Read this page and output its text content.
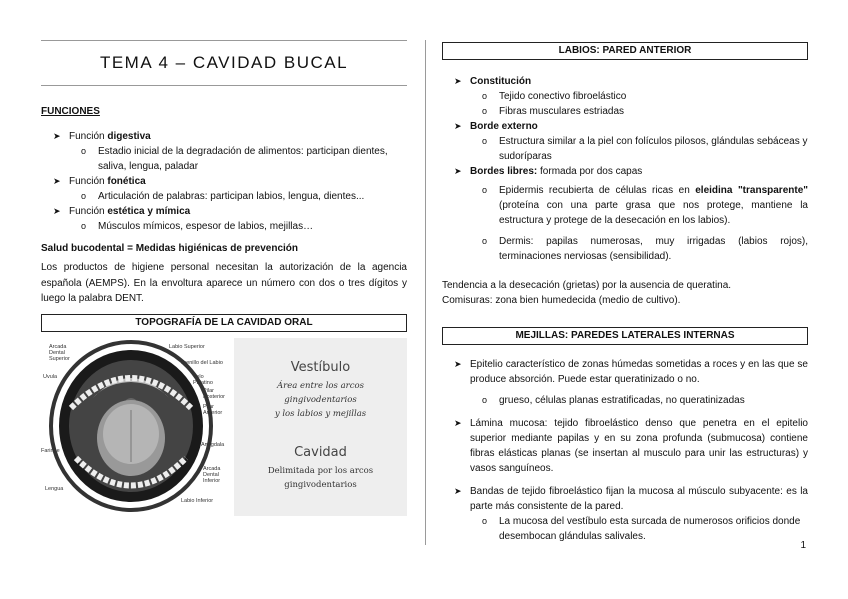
TEMA 4 – CAVIDAD BUCAL
FUNCIONES
➤ Función digestiva
o Estadio inicial de la degradación de alimentos: participan dientes, saliva, lengua, paladar
➤ Función fonética
o Articulación de palabras: participan labios, lengua, dientes...
➤ Función estética y mímica
o Músculos mímicos, espesor de labios, mejillas…

Salud bucodental = Medidas higiénicas de prevención

Los productos de higiene personal necesitan la autorización de la agencia española (AEMPS). En la envoltura aparece un número con dos o tres dígitos y luego la palabra DENT.

TOPOGRAFÍA DE LA CAVIDAD ORAL
Arcada Dental Superior
Labio Superior
Frenillo del Labio
Uvula	Velo Palatino
Pilar Posterior
Pilar Anterior
Amígdala
Faringe
Arcada Dental Inferior
Lengua
Labio Inferior
Vestíbulo
Área entre los arcos
gingivodentarios
y los labios y mejillas
Cavidad
Delimitada por los arcos
gingivodentarios
LABIOS: PARED ANTERIOR
➤ Constitución
o Tejido conectivo fibroelástico
o Fibras musculares estriadas
➤ Borde externo
o Estructura similar a la piel con folículos pilosos, glándulas sebáceas y sudoríparas
➤ Bordes libres: formada por dos capas
o Epidermis recubierta de células ricas en eleidina "transparente" (proteína con una parte grasa que nos protege, mantiene la estructura y protege de la desecación en los labios).
o Dermis: papilas numerosas, muy irrigadas (labios rojos), terminaciones nerviosas (sensibilidad).

Tendencia a la desecación (grietas) por la ausencia de queratina.

Comisuras: zona bien humedecida (medio de cultivo).

MEJILLAS: PAREDES LATERALES INTERNAS
➤ Epitelio característico de zonas húmedas sometidas a roces y en las que se produce absorción. Puede estar queratinizado o no.
o grueso, células planas estratificadas, no queratinizadas
➤ Lámina mucosa: tejido fibroelástico denso que penetra en el epitelio superior mediante papilas y en su zona profunda (submucosa) contiene fibras elásticas planas (se insertan al musculo para unir las estructuras) y vasos sanguíneos.
➤ Bandas de tejido fibroelástico fijan la mucosa al músculo subyacente: es la parte más consistente de la pared.
o La mucosa del vestíbulo esta surcada de numerosos orificios donde desembocan glándulas salivales.
1
